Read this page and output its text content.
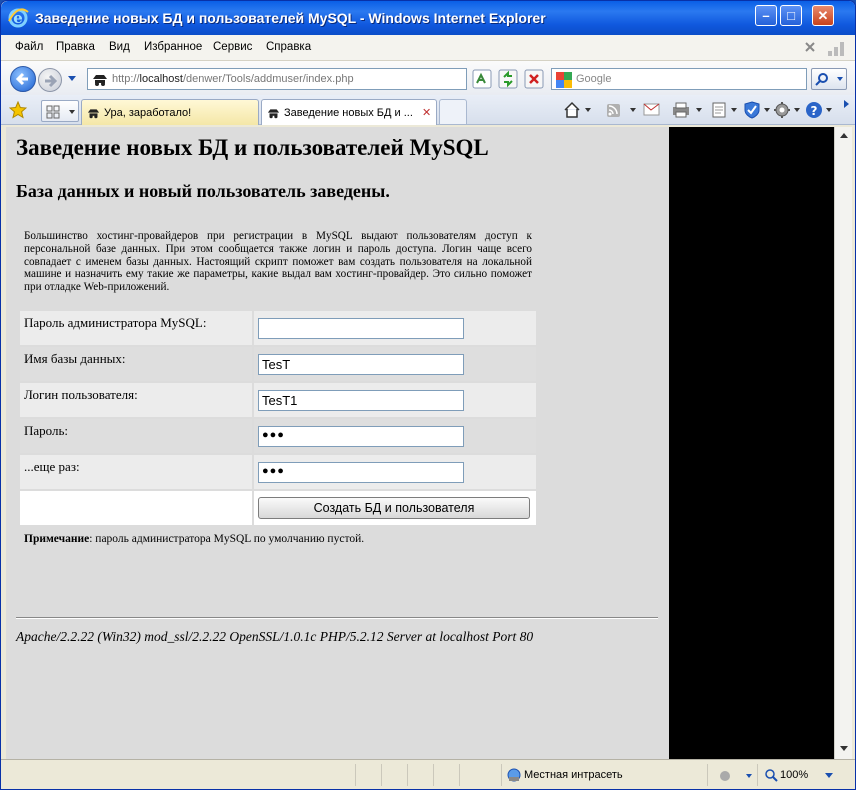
e Заведение новых БД и пользователей MySQL - Windows Internet Explorer	–	□	✕
Файл Правка Вид Избранное Сервис Справка
http://localhost/denwer/Tools/addmuser/index.php	Google
Ура, заработало!	Заведение новых БД и ... ✕	?
Заведение новых БД и пользователей MySQL
База данных и новый пользователь заведены.

Большинство хостинг-провайдеров при регистрации в MySQL выдают пользователям доступ к персональной базе данных. При этом сообщается также логин и пароль доступа. Логин чаще всего совпадает с именем базы данных. Настоящий скрипт поможет вам создать пользователя на локальной машине и назначить ему такие же параметры, какие выдал вам хостинг-провайдер. Это сильно поможет при отладке Web-приложений.

Пароль администратора MySQL:	

Имя базы данных:	TesT

Логин пользователя:	TesT1

Пароль:	●●●

...еще раз:	●●●

	Создать БД и пользователя
Примечание: пароль администратора MySQL по умолчанию пустой.
Apache/2.2.22 (Win32) mod_ssl/2.2.22 OpenSSL/1.0.1c PHP/5.2.12 Server at localhost Port 80
Местная интрасеть	100%
